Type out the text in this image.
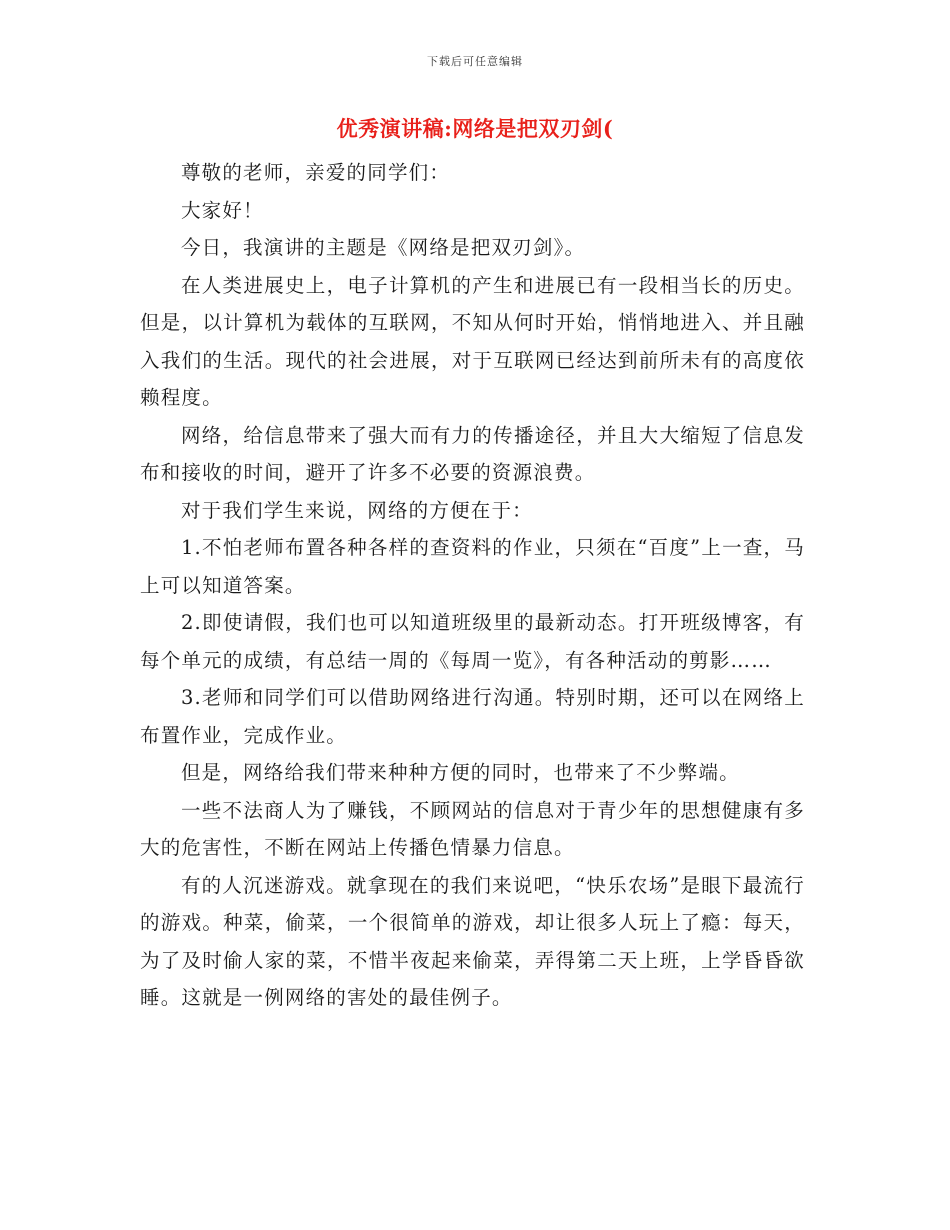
下载后可任意编辑
优秀演讲稿:网络是把双刃剑(

尊敬的老师，亲爱的同学们：

大家好！

今日，我演讲的主题是《网络是把双刃剑》。

在人类进展史上，电子计算机的产生和进展已有一段相当长的历史。但是，以计算机为载体的互联网，不知从何时开始，悄悄地进入、并且融入我们的生活。现代的社会进展，对于互联网已经达到前所未有的高度依赖程度。

网络，给信息带来了强大而有力的传播途径，并且大大缩短了信息发布和接收的时间，避开了许多不必要的资源浪费。

对于我们学生来说，网络的方便在于：

1.不怕老师布置各种各样的查资料的作业，只须在“百度”上一查，马上可以知道答案。

2.即使请假，我们也可以知道班级里的最新动态。打开班级博客，有每个单元的成绩，有总结一周的《每周一览》，有各种活动的剪影……

3.老师和同学们可以借助网络进行沟通。特别时期，还可以在网络上布置作业，完成作业。

但是，网络给我们带来种种方便的同时，也带来了不少弊端。

一些不法商人为了赚钱，不顾网站的信息对于青少年的思想健康有多大的危害性，不断在网站上传播色情暴力信息。

有的人沉迷游戏。就拿现在的我们来说吧，“快乐农场”是眼下最流行的游戏。种菜，偷菜，一个很简单的游戏，却让很多人玩上了瘾：每天，为了及时偷人家的菜，不惜半夜起来偷菜，弄得第二天上班，上学昏昏欲睡。这就是一例网络的害处的最佳例子。
